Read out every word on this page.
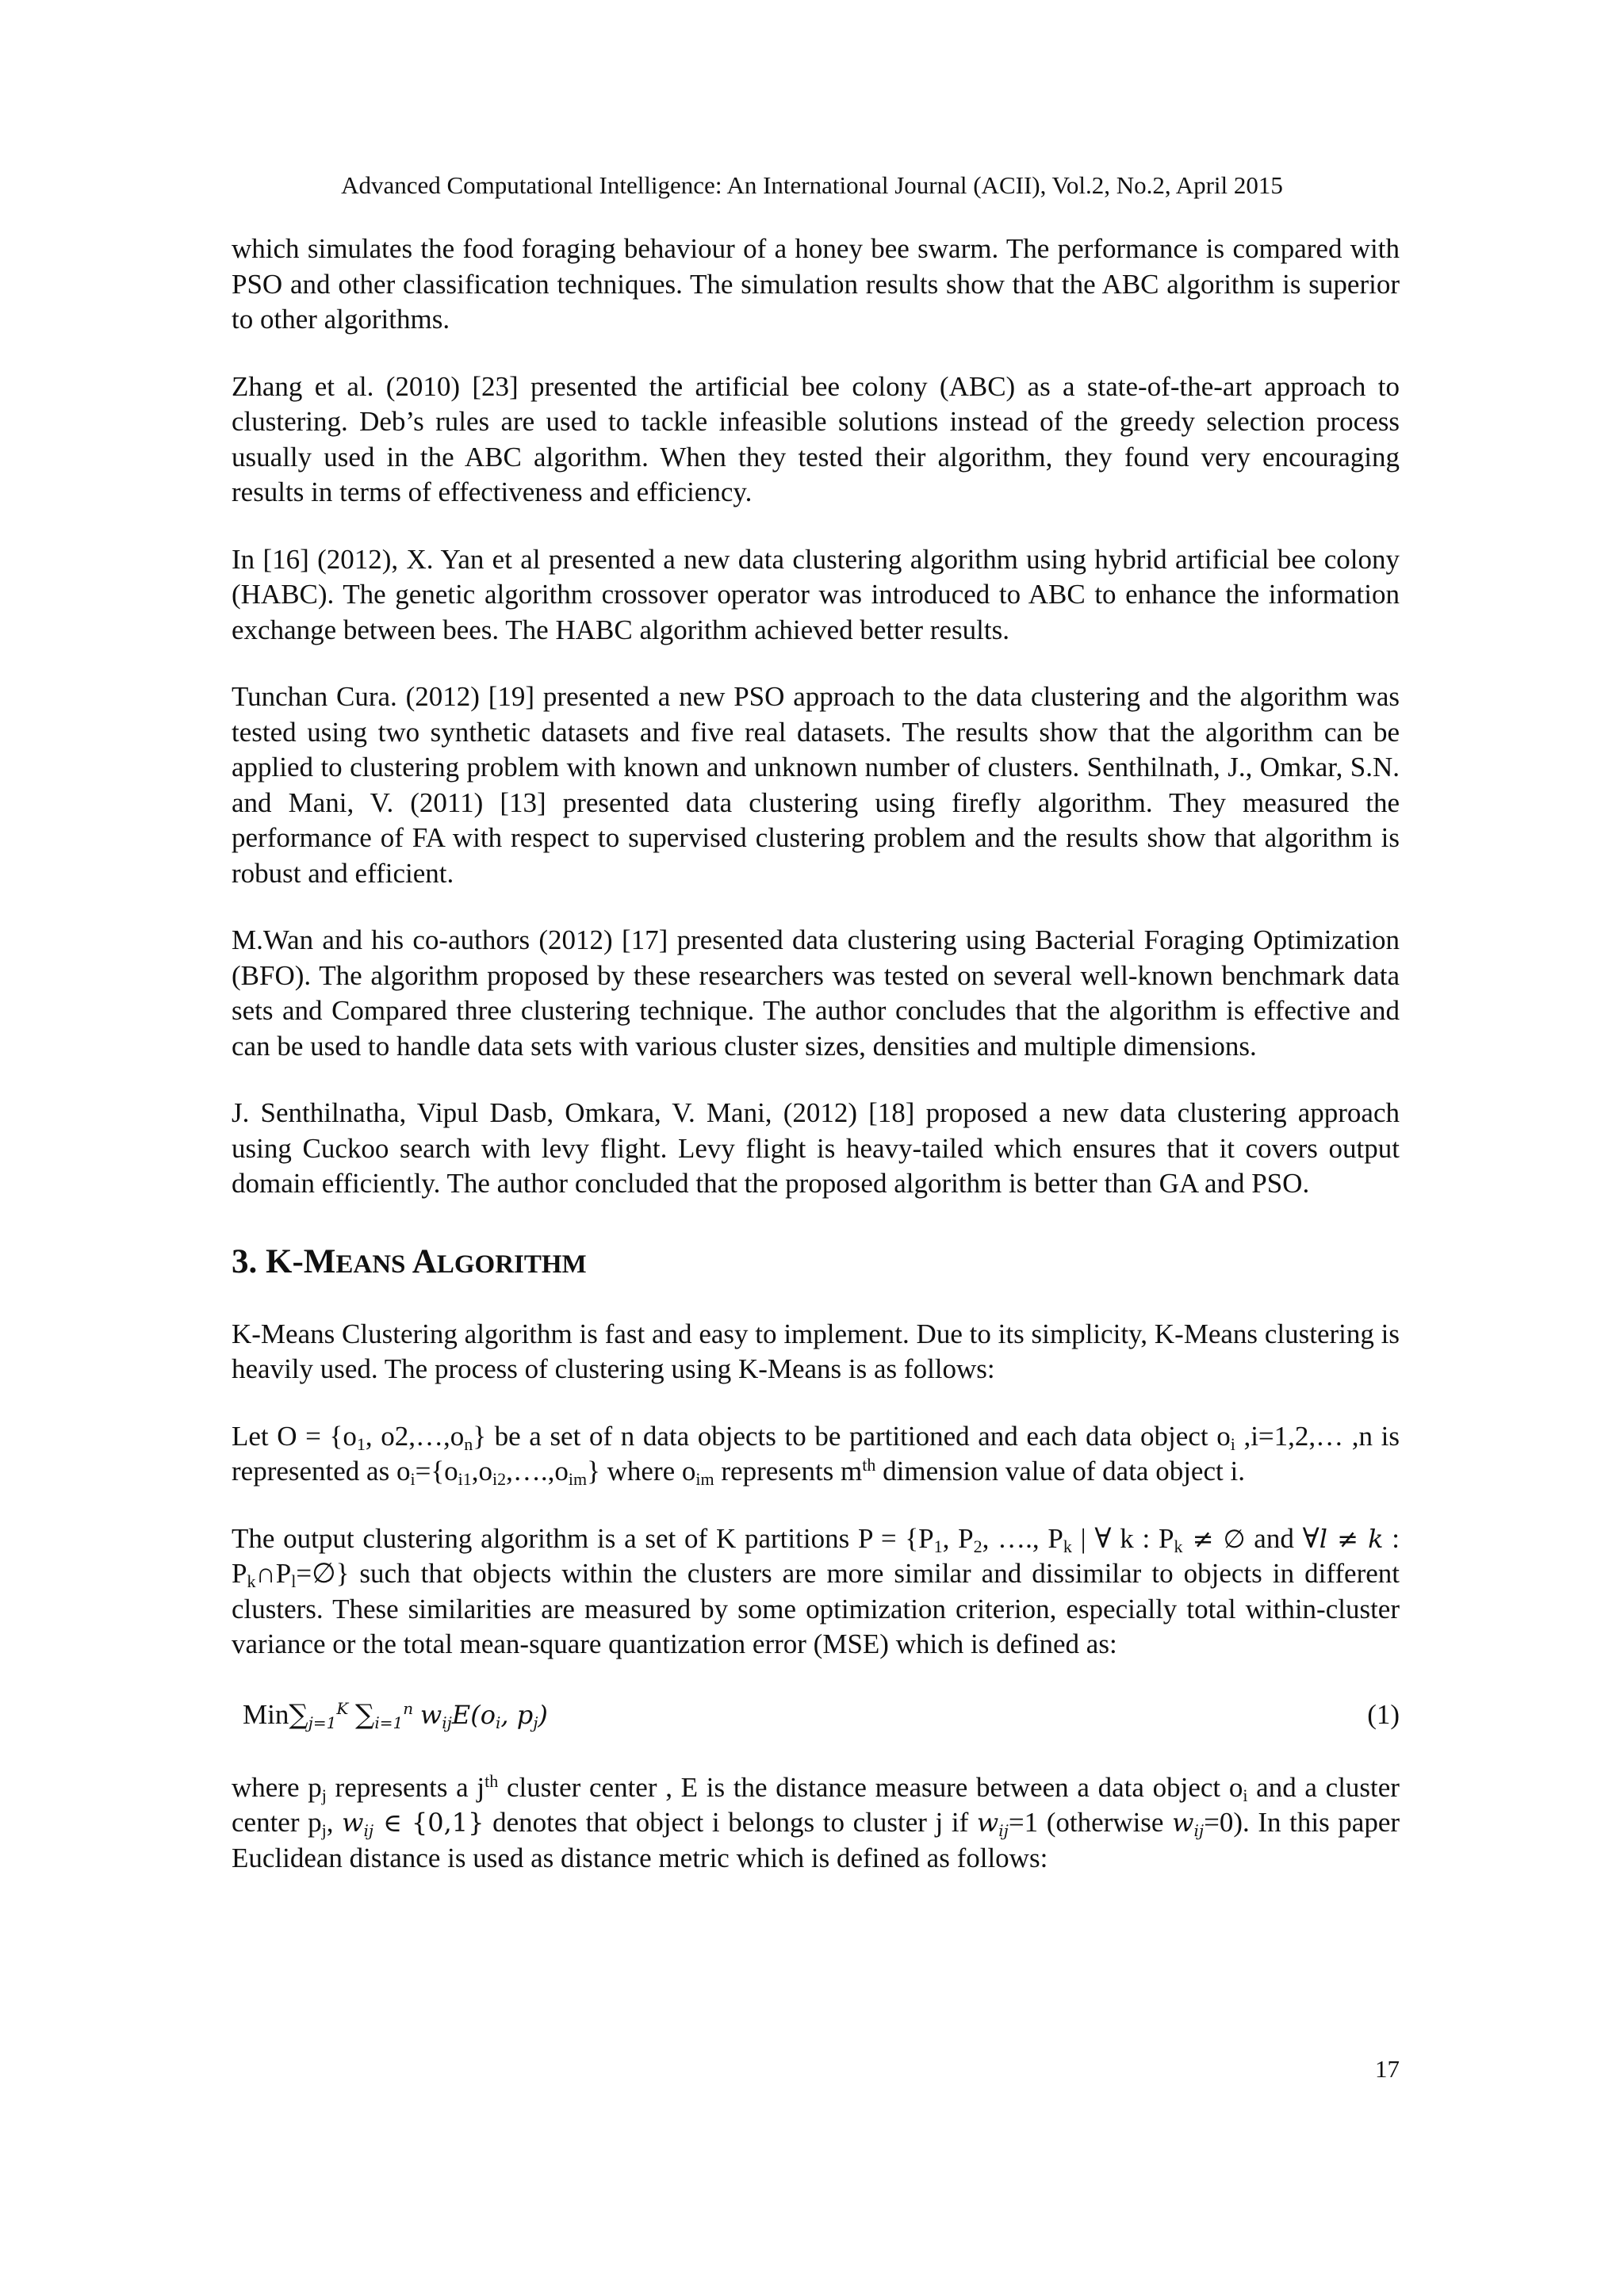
Advanced Computational Intelligence: An International Journal (ACII), Vol.2, No.2, April 2015

which simulates the food foraging behaviour of a honey bee swarm. The performance is compared with PSO and other classification techniques. The simulation results show that the ABC algorithm is superior to other algorithms.

Zhang et al. (2010) [23] presented the artificial bee colony (ABC) as a state-of-the-art approach to clustering. Deb’s rules are used to tackle infeasible solutions instead of the greedy selection process usually used in the ABC algorithm. When they tested their algorithm, they found very encouraging results in terms of effectiveness and efficiency.

In [16] (2012), X. Yan et al presented a new data clustering algorithm using hybrid artificial bee colony (HABC). The genetic algorithm crossover operator was introduced to ABC to enhance the information exchange between bees. The HABC algorithm achieved better results.

Tunchan Cura. (2012) [19] presented a new PSO approach to the data clustering and the algorithm was tested using two synthetic datasets and five real datasets. The results show that the algorithm can be applied to clustering problem with known and unknown number of clusters. Senthilnath, J., Omkar, S.N. and Mani, V. (2011) [13] presented data clustering using firefly algorithm. They measured the performance of FA with respect to supervised clustering problem and the results show that algorithm is robust and efficient.

M.Wan and his co-authors (2012) [17] presented data clustering using Bacterial Foraging Optimization (BFO). The algorithm proposed by these researchers was tested on several well-known benchmark data sets and Compared three clustering technique. The author concludes that the algorithm is effective and can be used to handle data sets with various cluster sizes, densities and multiple dimensions.

J. Senthilnatha, Vipul Dasb, Omkara, V. Mani, (2012) [18] proposed a new data clustering approach using Cuckoo search with levy flight. Levy flight is heavy-tailed which ensures that it covers output domain efficiently. The author concluded that the proposed algorithm is better than GA and PSO.

3. K-MEANS ALGORITHM

K-Means Clustering algorithm is fast and easy to implement. Due to its simplicity, K-Means clustering is heavily used. The process of clustering using K-Means is as follows:

Let $O = \{o_1$, $o2,\dots,o_n$} be a set of n data objects to be partitioned and each data object $o_i$ ,i=1,2,… ,n is represented as $o_i=\{o_{i1},o_{i2},\dots.,o_{im}\}$ where $o_{im}$ represents $m^{th}$ dimension value of data object i.

The output clustering algorithm is a set of K partitions $P = \{P_1$, $P_2$, …., $P_k$ | ∀ k : $P_k$ ≠ ∅ and ∀l ≠ k : $P_k\cap P_l=\emptyset$} such that objects within the clusters are more similar and dissimilar to objects in different clusters. These similarities are measured by some optimization criterion, especially total within-cluster variance or the total mean-square quantization error (MSE) which is defined as:

$Min\sum_{j=1}^K$ $\sum_{i=1}^n$ $w_{ij}E(o_i$, $p_j$)	(1)

where $p_j$ represents a $j^{th}$ cluster center , E is the distance measure between a data object $o_i$ and a cluster center $p_j$, $w_{ij}$ ∈ {0,1} denotes that object i belongs to cluster j if $w_{ij}=1$ (otherwise $w_{ij}=0$). In this paper Euclidean distance is used as distance metric which is defined as follows:

17
